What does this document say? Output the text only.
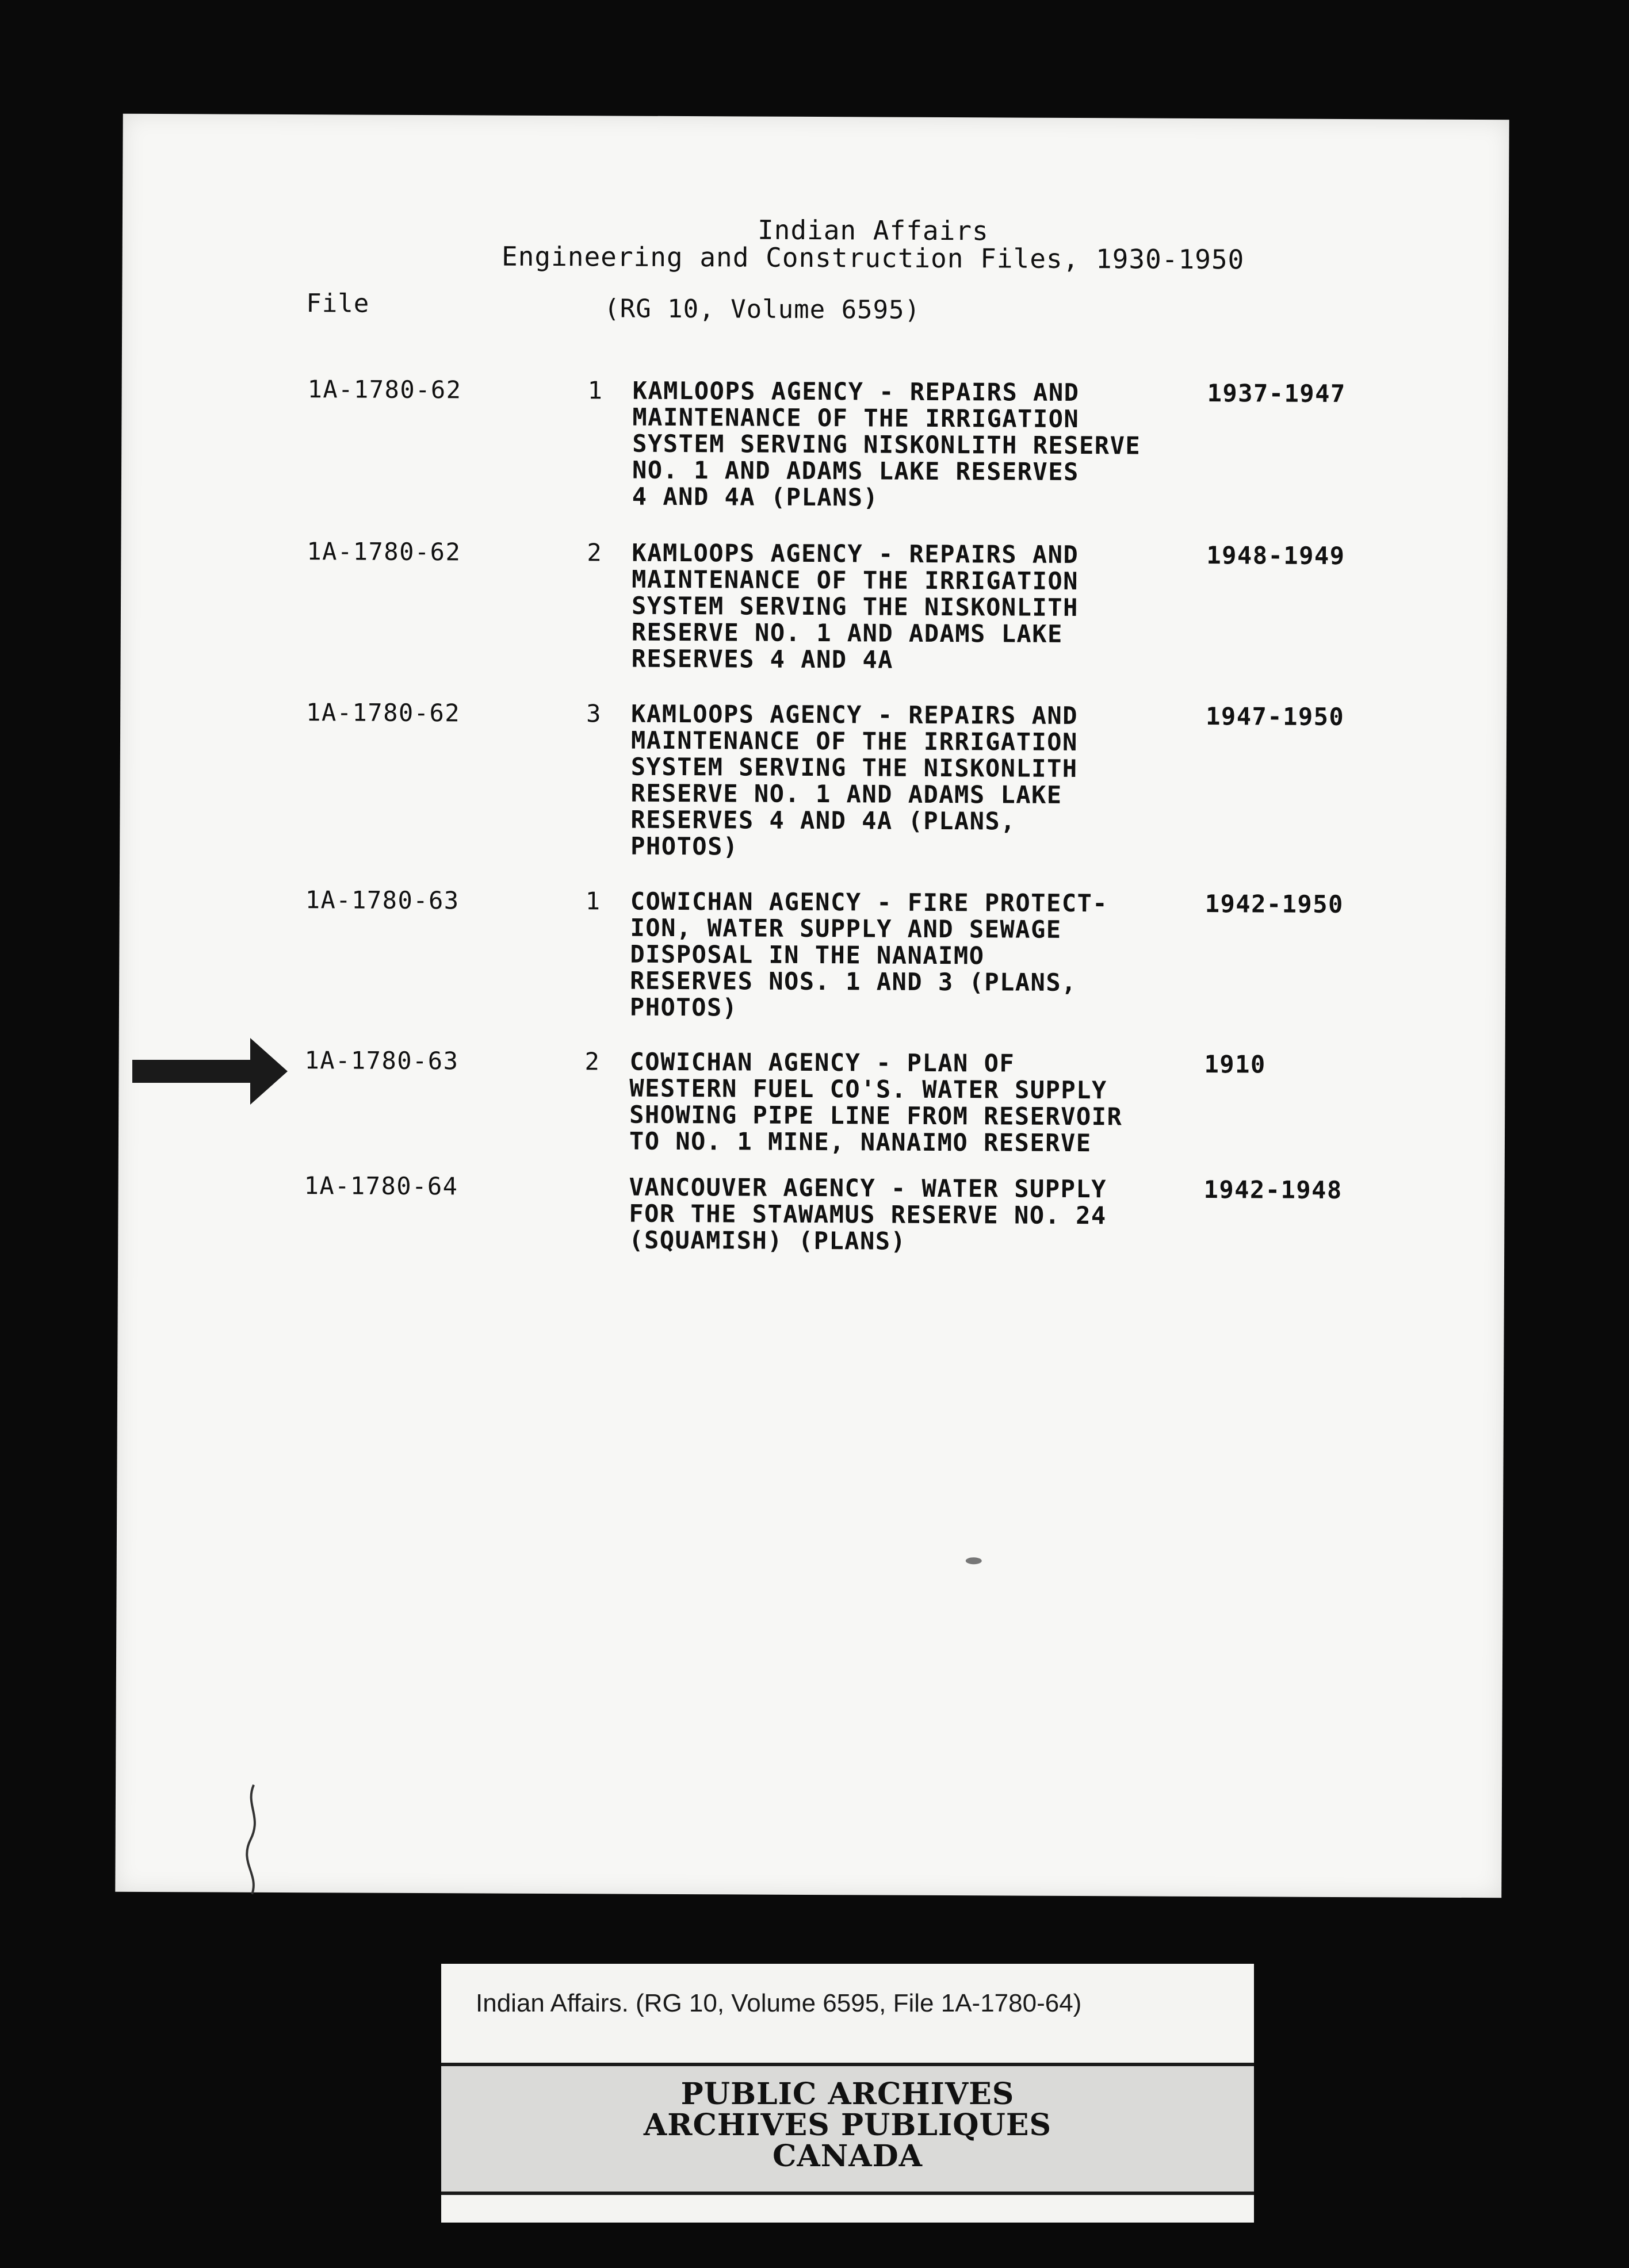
Indian Affairs
Engineering and Construction Files, 1930-1950
File	(RG 10, Volume 6595)
1A-1780-62	1 KAMLOOPS AGENCY - REPAIRS AND
MAINTENANCE OF THE IRRIGATION
SYSTEM SERVING NISKONLITH RESERVE
NO. 1 AND ADAMS LAKE RESERVES
4 AND 4A (PLANS)
1937-1947
1A-1780-62	2 KAMLOOPS AGENCY - REPAIRS AND
MAINTENANCE OF THE IRRIGATION
SYSTEM SERVING THE NISKONLITH
RESERVE NO. 1 AND ADAMS LAKE
RESERVES 4 AND 4A
1948-1949
1A-1780-62	3 KAMLOOPS AGENCY - REPAIRS AND
MAINTENANCE OF THE IRRIGATION
SYSTEM SERVING THE NISKONLITH
RESERVE NO. 1 AND ADAMS LAKE
RESERVES 4 AND 4A (PLANS,
PHOTOS)
1947-1950
1A-1780-63	1 COWICHAN AGENCY - FIRE PROTECT-
ION, WATER SUPPLY AND SEWAGE
DISPOSAL IN THE NANAIMO
RESERVES NOS. 1 AND 3 (PLANS,
PHOTOS)
1942-1950
1A-1780-63	2 COWICHAN AGENCY - PLAN OF
WESTERN FUEL CO'S. WATER SUPPLY
SHOWING PIPE LINE FROM RESERVOIR
TO NO. 1 MINE, NANAIMO RESERVE
1910
1A-1780-64	VANCOUVER AGENCY - WATER SUPPLY
FOR THE STAWAMUS RESERVE NO. 24
(SQUAMISH) (PLANS)
1942-1948
Indian Affairs. (RG 10, Volume 6595, File 1A-1780-64)
PUBLIC ARCHIVES
ARCHIVES PUBLIQUES
CANADA
